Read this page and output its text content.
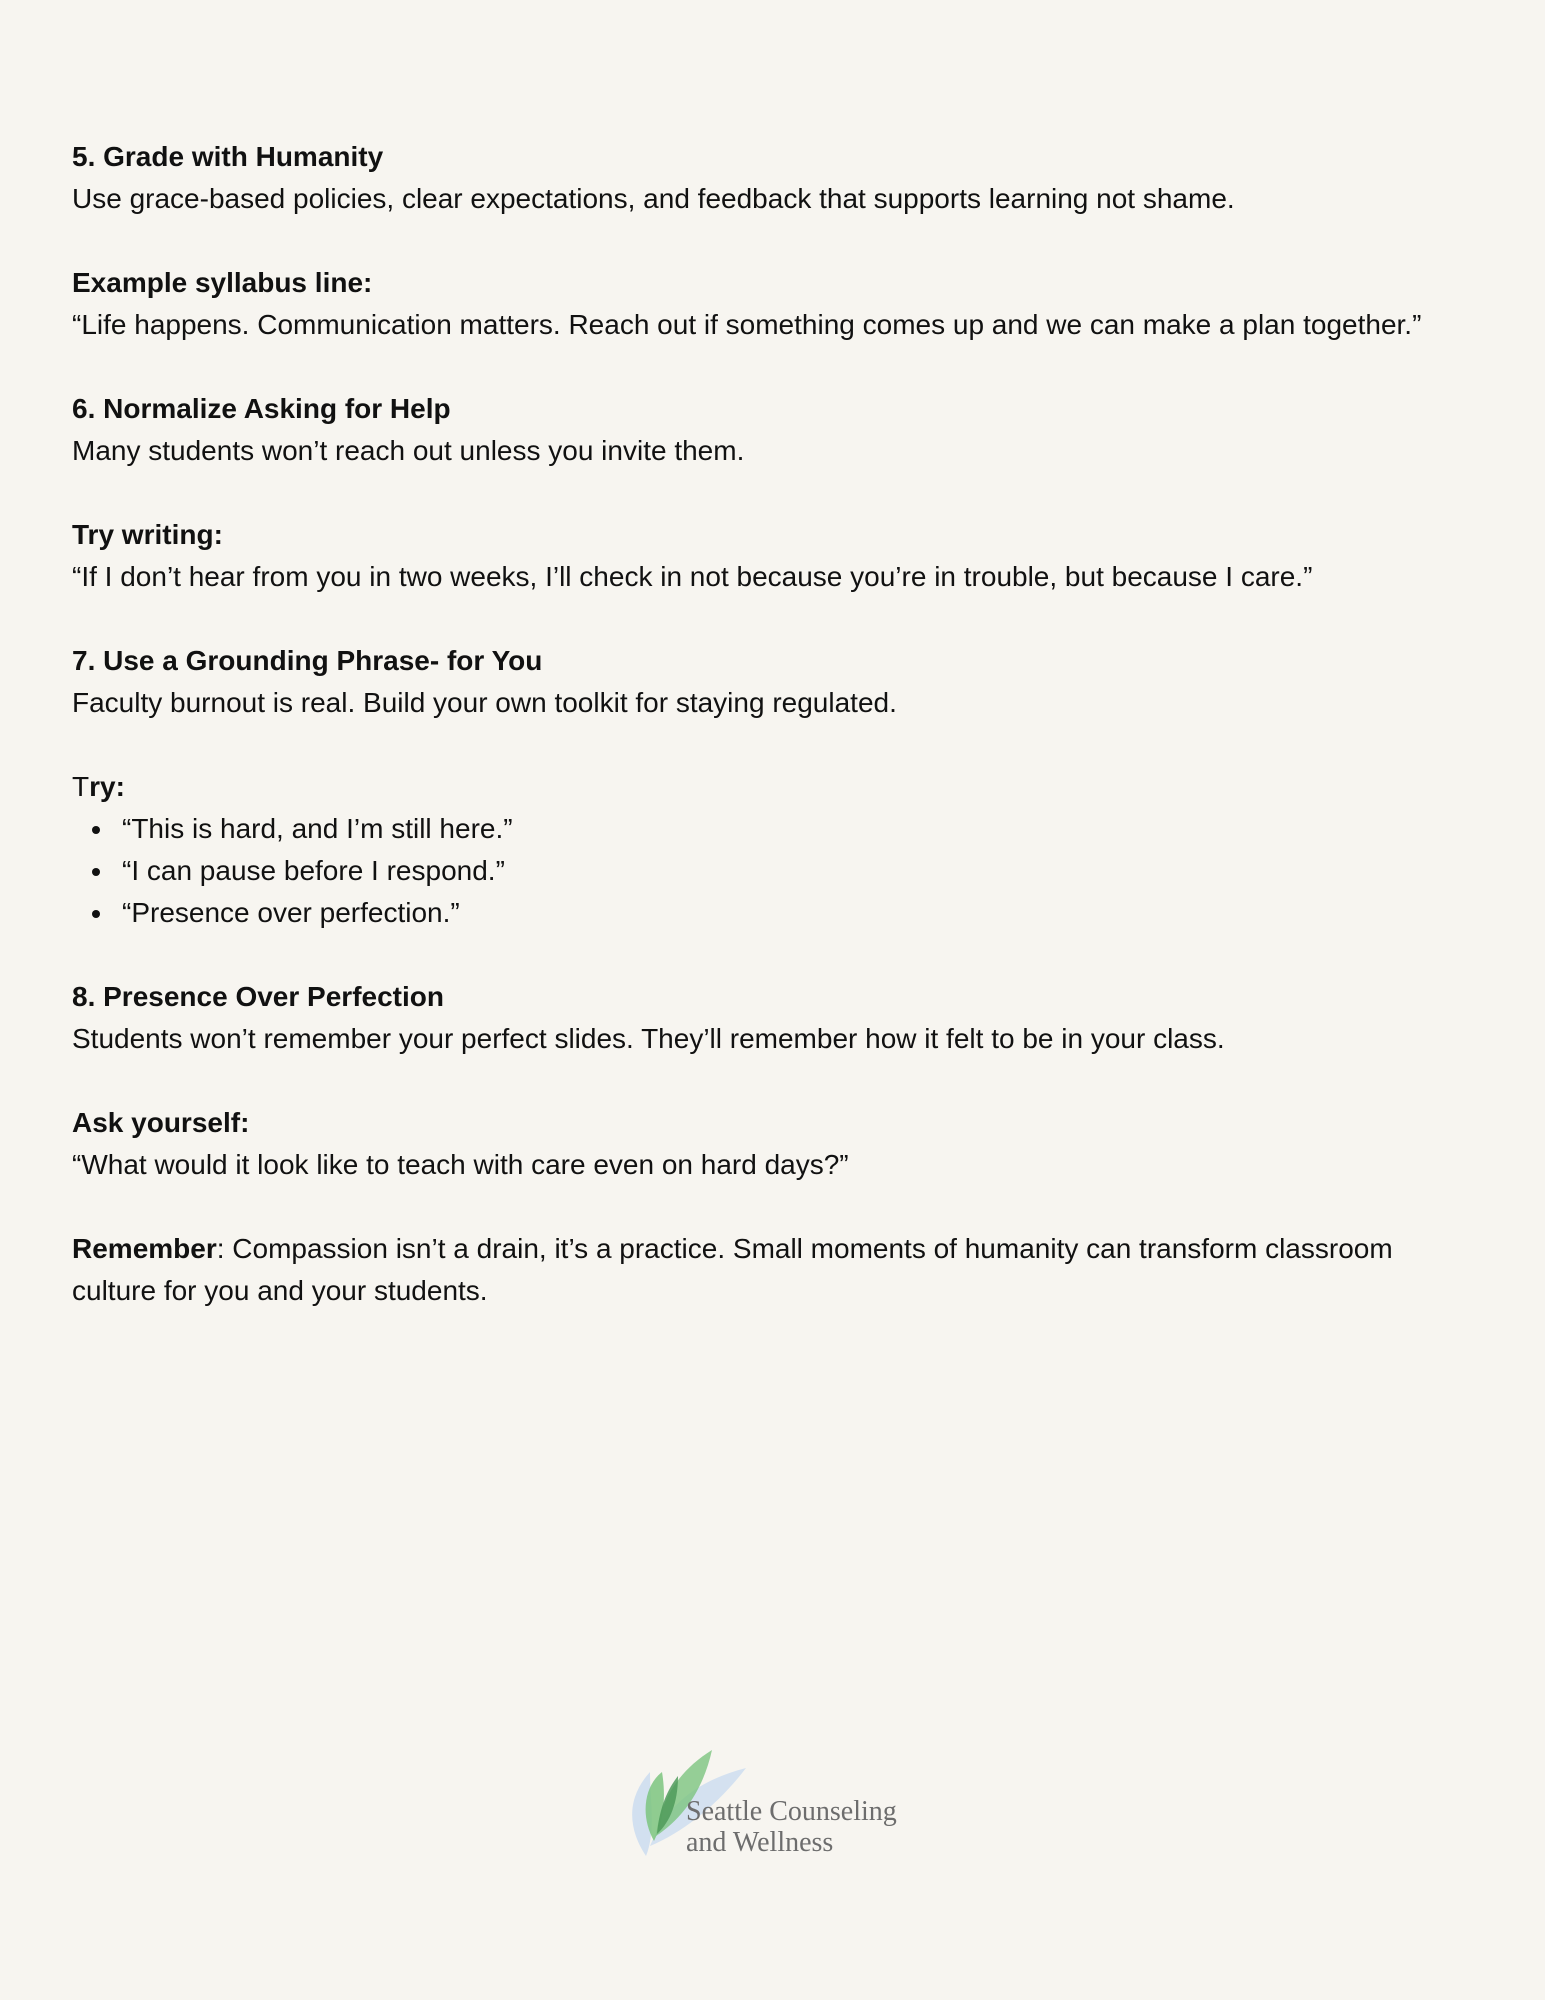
5. Grade with Humanity
Use grace-based policies, clear expectations, and feedback that supports learning not shame.
Example syllabus line:
“Life happens. Communication matters. Reach out if something comes up and we can make a plan together.”
6. Normalize Asking for Help
Many students won’t reach out unless you invite them.
Try writing:
“If I don’t hear from you in two weeks, I’ll check in not because you’re in trouble, but because I care.”
7. Use a Grounding Phrase- for You
Faculty burnout is real. Build your own toolkit for staying regulated.
Try:
“This is hard, and I’m still here.”
“I can pause before I respond.”
“Presence over perfection.”
8. Presence Over Perfection
Students won’t remember your perfect slides. They’ll remember how it felt to be in your class.
Ask yourself:
“What would it look like to teach with care even on hard days?”
Remember: Compassion isn’t a drain, it’s a practice. Small moments of humanity can transform classroom culture for you and your students.
Seattle Counseling
and Wellness
